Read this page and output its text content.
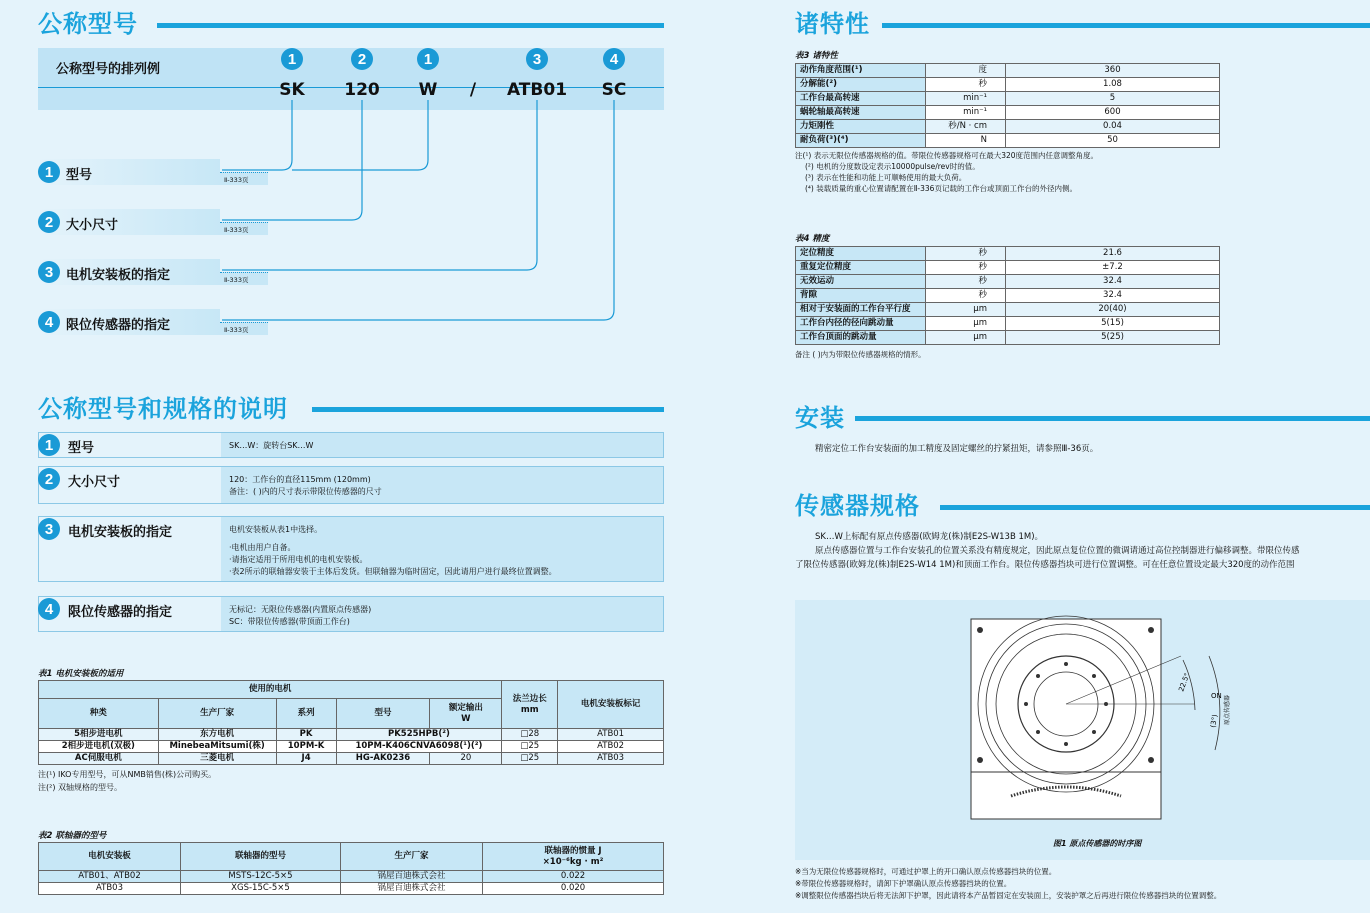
公称型号
公称型号的排列例
1
SK
2
120
1
W	/
3
ATB01
4
SC
1 型号	Ⅱ-333页
2 大小尺寸	Ⅱ-333页
3 电机安装板的指定	Ⅱ-333页
4 限位传感器的指定	Ⅱ-333页
公称型号和规格的说明
1	型号	SK…W：旋转台SK…W
2	大小尺寸	120：工作台的直径115mm (120mm)
备注：( )内的尺寸表示带限位传感器的尺寸
3	电机安装板的指定	电机安装板从表1中选择。
·电机由用户自备。
·请指定适用于所用电机的电机安装板。
·表2所示的联轴器安装于主体后发货。但联轴器为临时固定，因此请用户进行最终位置调整。
4	限位传感器的指定	无标记：无限位传感器(内置原点传感器)
SC：带限位传感器(带顶面工作台)
表1 电机安装板的适用
使用的电机					法兰边长
mm	电机安装板标记
种类	生产厂家	系列	型号	额定输出
W		
5相步进电机	东方电机	PK	PK525HPB(²)		□28	ATB01
2相步进电机(双极)	MinebeaMitsumi(株)	10PM-K	10PM-K406CNVA6098(¹)(²)		□25	ATB02
AC伺服电机	三菱电机	J4	HG-AK0236	20	□25	ATB03
注(¹) IKO专用型号，可从NMB销售(株)公司购买。
注(²) 双轴规格的型号。
表2 联轴器的型号
电机安装板	联轴器的型号	生产厂家	联轴器的惯量 J
×10⁻⁶kg · m²

ATB01、ATB02	MSTS-12C-5×5	锅屋百迪株式会社	0.022
ATB03	XGS-15C-5×5	锅屋百迪株式会社	0.020
诸特性
表3 诸特性
动作角度范围(¹)	度	360
分解能(²)	秒	1.08
工作台最高转速	min⁻¹	5
蜗轮轴最高转速	min⁻¹	600
力矩刚性	秒/N · cm	0.04
耐负荷(³)(⁴)	N	50
注(¹) 表示无限位传感器规格的值。带限位传感器规格可在最大320度范围内任意调整角度。
(²) 电机的分度数设定表示10000pulse/rev时的值。
(³) 表示在性能和功能上可顺畅使用的最大负荷。
(⁴) 装载质量的重心位置请配置在Ⅱ-336页记载的工作台或顶面工作台的外径内侧。
表4 精度
定位精度	秒	21.6
重复定位精度	秒	±7.2
无效运动	秒	32.4
背隙	秒	32.4
相对于安装面的工作台平行度	μm	20(40)
工作台内径的径向跳动量	μm	5(15)
工作台顶面的跳动量	μm	5(25)
备注 ( )内为带限位传感器规格的情形。
安装
精密定位工作台安装面的加工精度及固定螺丝的拧紧扭矩，请参照Ⅲ-36页。
传感器规格
SK…W上标配有原点传感器(欧姆龙(株)制E2S-W13B 1M)。
原点传感器位置与工作台安装孔的位置关系没有精度规定，因此原点复位位置的微调请通过高位控制器进行偏移调整。带限位传感
了限位传感器(欧姆龙(株)制E2S-W14 1M)和顶面工作台。限位传感器挡块可进行位置调整。可在任意位置设定最大320度的动作范围
22.5°
ON
(3°) 原点传感器
图1 原点传感器的时序图
※当为无限位传感器规格时，可通过护罩上的开口确认原点传感器挡块的位置。
※带限位传感器规格时，请卸下护罩确认原点传感器挡块的位置。
※调整限位传感器挡块后将无法卸下护罩，因此请将本产品暂固定在安装面上，安装护罩之后再进行限位传感器挡块的位置调整。
